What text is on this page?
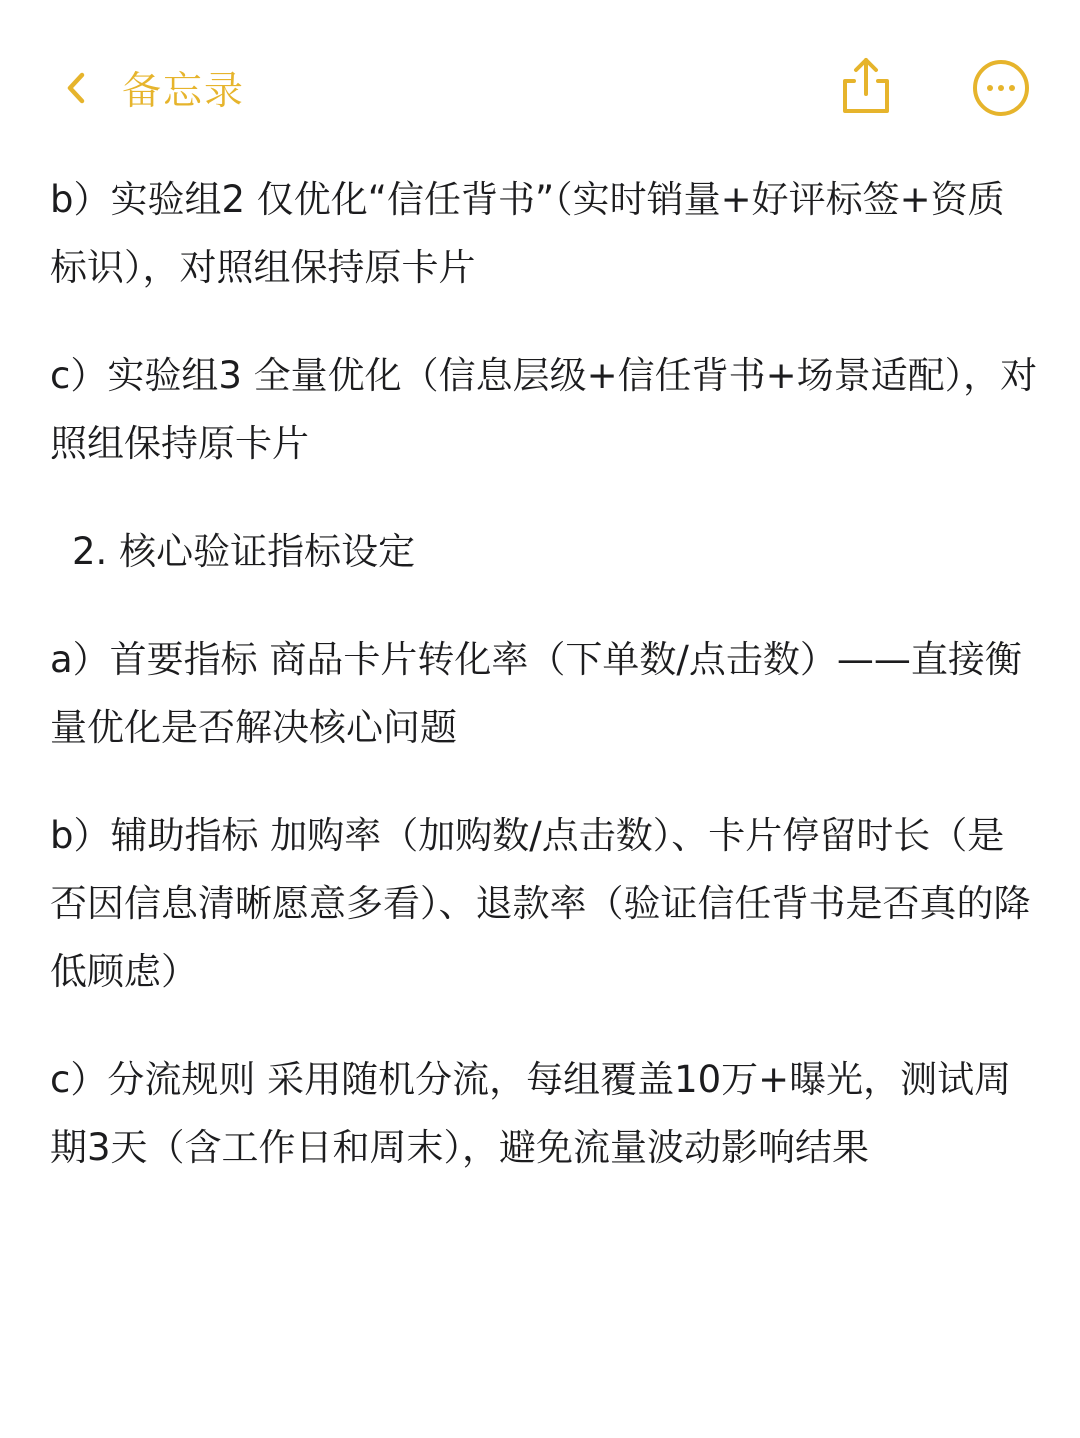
备忘录

b）实验组2 仅优化“信任背书”（实时销量+好评标签+资质标识），对照组保持原卡片

c）实验组3 全量优化（信息层级+信任背书+场景适配），对照组保持原卡片

2. 核心验证指标设定

a）首要指标 商品卡片转化率（下单数/点击数）——直接衡量优化是否解决核心问题

b）辅助指标 加购率（加购数/点击数）、卡片停留时长（是否因信息清晰愿意多看）、退款率（验证信任背书是否真的降低顾虑）

c）分流规则 采用随机分流，每组覆盖10万+曝光，测试周期3天（含工作日和周末），避免流量波动影响结果
